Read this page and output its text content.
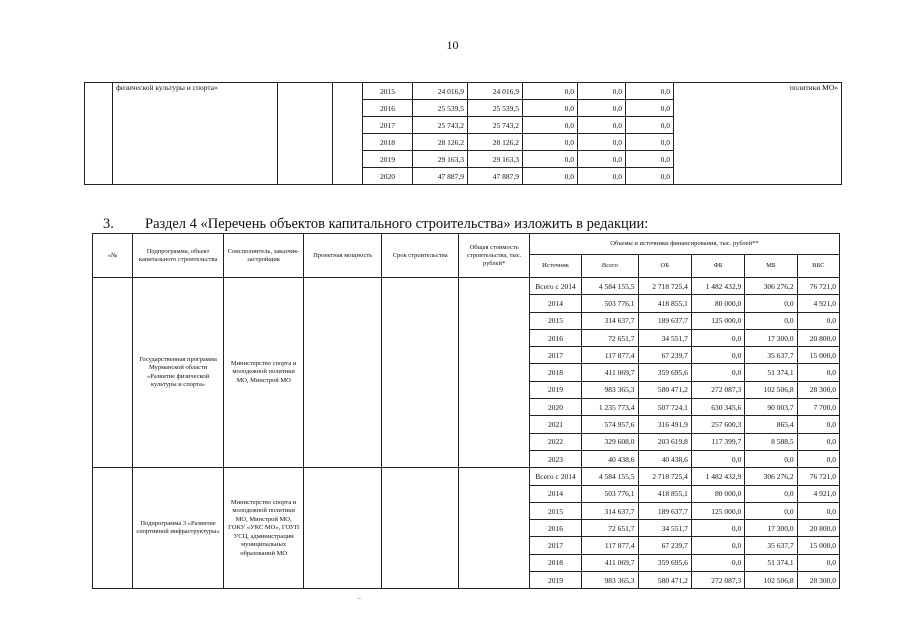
10
	физической культуры и спорта»			2015	24 016,9	24 016,9	0,0	0,0	0,0	политики МО»
				2016	25 539,5	25 539,5	0,0	0,0	0,0	
				2017	25 743,2	25 743,2	0,0	0,0	0,0	
				2018	28 126,2	28 126,2	0,0	0,0	0,0	
				2019	29 163,3	29 163,3	0,0	0,0	0,0	
				2020	47 887,9	47 887,9	0,0	0,0	0,0	
3. Раздел 4 «Перечень объектов капитального строительства» изложить в редакции:
«№	Подпрограмма, объект капитального строительства	Соисполнитель, заказчик-застройщик	Проектная мощность	Срок строительства	Общая стоимость строительства, тыс. рублей*	Объемы и источники финансирования, тыс. рублей**					
						Источник	Всего	ОБ	ФБ	МБ	ВБС
	Государственная программа Мурманской области «Развитие физической культуры и спорта»	Министерство спорта и молодежной политики МО, Минстрой МО				Всего с 2014	4 584 155,5	2 718 725,4	1 482 432,9	306 276,2	76 721,0
						2014	503 776,1	418 855,1	80 000,0	0,0	4 921,0
						2015	314 637,7	189 637,7	125 000,0	0,0	0,0
						2016	72 651,7	34 551,7	0,0	17 300,0	20 800,0
						2017	117 877,4	67 239,7	0,0	35 637,7	15 000,0
						2018	411 069,7	359 695,6	0,0	51 374,1	0,0
						2019	983 365,3	580 471,2	272 087,3	102 506,8	28 300,0
						2020	1 235 773,4	507 724,1	630 345,6	90 003,7	7 700,0
						2021	574 957,6	316 491,9	257 600,3	865,4	0,0
						2022	329 608,0	203 619,8	117 399,7	8 588,5	0,0
						2023	40 438,6	40 438,6	0,0	0,0	0,0
	Подпрограмма 3 «Развитие спортивной инфраструктуры»	Министерство спорта и молодежной политики МО, Минстрой МО, ГОКУ «УКС МО», ГОУП УСЦ, администрации муниципальных образований МО				Всего с 2014	4 584 155,5	2 718 725,4	1 482 432,9	306 276,2	76 721,0
						2014	503 776,1	418 855,1	80 000,0	0,0	4 921,0
						2015	314 637,7	189 637,7	125 000,0	0,0	0,0
						2016	72 651,7	34 551,7	0,0	17 300,0	20 800,0
						2017	117 877,4	67 239,7	0,0	35 637,7	15 000,0
						2018	411 069,7	359 695,6	0,0	51 374,1	0,0
						2019	983 365,3	580 471,2	272 087,3	102 506,8	28 300,0
